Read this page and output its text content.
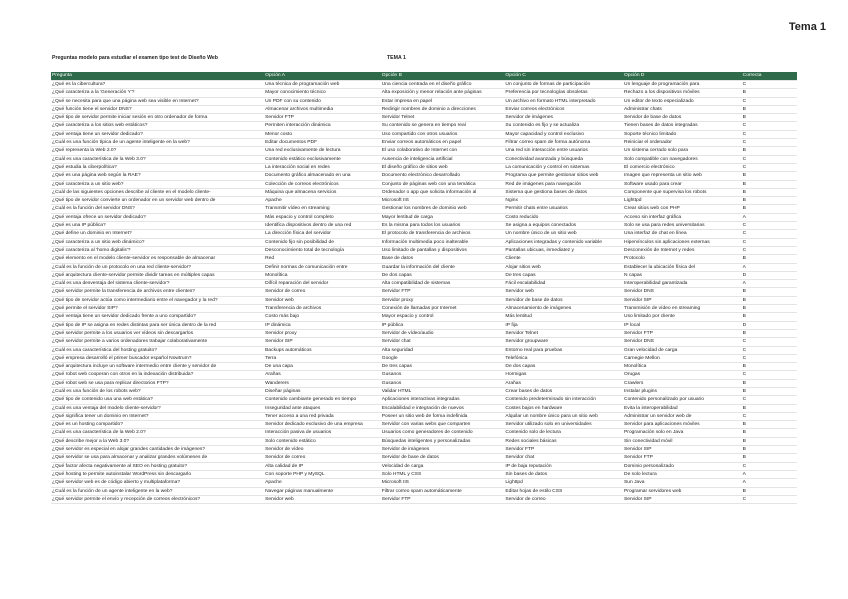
Tema 1
Preguntas modelo para estudiar el examen tipo test de Diseño Web	TEMA 1
Pregunta	Opción A	Opción B	Opción C	Opción D	Correcta
¿Qué es la cibercultura?	Una técnica de programación web	Una ciencia centrada en el diseño gráfico	Un conjunto de formas de participación	Un lenguaje de programación para	C
¿Qué caracteriza a la 'Generación Y'?	Mayor conocimiento técnico	Alta exposición y menor relación ante páginas	Preferencia por tecnologías obsoletas	Rechazo a los dispositivos móviles	B
¿Qué se necesita para que una página web sea visible en Internet?	Un PDF con su contenido	Estar impresa en papel	Un archivo en formato HTML interpretado	Un editor de texto especializado	C
¿Qué función tiene el servidor DNS?	Almacenar archivos multimedia	Redirigir nombres de dominio a direcciones	Enviar correos electrónicos	Administrar chats	B
¿Qué tipo de servidor permite iniciar sesión en otro ordenador de forma	Servidor FTP	Servidor Telnet	Servidor de imágenes	Servidor de base de datos	B
¿Qué caracteriza a los sitios web estáticos?	Permiten interacción dinámica	Su contenido se genera en tiempo real	Su contenido es fijo y se actualiza	Tienen bases de datos integradas	C
¿Qué ventaja tiene un servidor dedicado?	Menor costo	Uso compartido con otros usuarios	Mayor capacidad y control exclusivo	Soporte técnico limitado	C
¿Cuál es una función típica de un agente inteligente en la web?	Editar documentos PDF	Enviar correos automáticos en papel	Filtrar correo spam de forma autónoma	Reiniciar el ordenador	C
¿Qué representa la Web 2.0?	Una red exclusivamente de lectura	El uso colaborativo de Internet con	Una red sin interacción entre usuarios	Un sistema cerrado solo para	B
¿Cuál es una característica de la Web 3.0?	Contenido estático exclusivamente	Ausencia de inteligencia artificial	Conectividad avanzada y búsqueda	Solo compatible con navegadores	C
¿Qué estudia la ciberpolítica?	La interacción social en redes	El diseño gráfico de sitios web	La comunicación y control en sistemas	El comercio electrónico	C
¿Qué es una página web según la RAE?	Documento gráfico almacenado en una	Documento electrónico desarrollado	Programa que permite gestionar sitios web	Imagen que representa un sitio web	B
¿Qué caracteriza a un sitio web?	Colección de correos electrónicos	Conjunto de páginas web con una temática	Red de imágenes para navegación	Software usado para crear	B
¿Cuál de las siguientes opciones describe al cliente en el modelo cliente-	Máquina que almacena servicios	Ordenador o app que solicita información al	Sistema que gestiona bases de datos	Componente que supervisa los robots	B
¿Qué tipo de servidor convierte un ordenador en un servidor web dentro de	Apache	Microsoft IIS	Nginx	Lighttpd	B
¿Cuál es la función del servidor DNS?	Transmitir vídeo en streaming	Gestionar los nombres de dominio web	Permitir chats entre usuarios	Crear sitios web con PHP	B
¿Qué ventaja ofrece un servidor dedicado?	Más espacio y control completo	Mayor lentitud de carga	Costo reducido	Acceso sin interfaz gráfica	A
¿Qué es una IP pública?	Identifica dispositivos dentro de una red	Es la misma para todos los usuarios	Se asigna a equipos conectados	Solo se usa para redes universitarias	C
¿Qué define un dominio en Internet?	La dirección física del servidor	El protocolo de transferencia de archivos	Un nombre único de un sitio web	Una interfaz de chat en línea	C
¿Qué caracteriza a un sitio web dinámico?	Contenido fijo sin posibilidad de	Información multimedia poco inalterable	Aplicaciones integradas y contenido variable	Hipervínculos sin aplicaciones externas	C
¿Qué caracteriza al 'homo digitalis'?	Desconocimiento total de tecnología	Uso limitado de pantallas y dispositivos	Pantallas ubicuas, inmediatez y	Desconexión de Internet y redes	C
¿Qué elemento en el modelo cliente-servidor es responsable de almacenar	Red	Base de datos	Cliente	Protocolo	B
¿Cuál es la función de un protocolo en una red cliente-servidor?	Definir normas de comunicación entre	Guardar la información del cliente	Alojar sitios web	Establecer la ubicación física del	A
¿Qué arquitectura cliente-servidor permite dividir tareas en múltiples capas	Monolítica	De dos capas	De tres capas	N capas	D
¿Cuál es una desventaja del sistema cliente-servidor?	Difícil reparación del servidor	Alta compatibilidad de sistemas	Fácil escalabilidad	Interoperabilidad garantizada	A
¿Qué servidor permite la transferencia de archivos entre clientes?	Servidor de correo	Servidor FTP	Servidor web	Servidor DNS	B
¿Qué tipo de servidor actúa como intermediario entre el navegador y la red?	Servidor web	Servidor proxy	Servidor de base de datos	Servidor SIP	B
¿Qué permite el servidor SIP?	Transferencia de archivos	Conexión de llamadas por Internet	Almacenamiento de imágenes	Transmisión de vídeo en streaming	B
¿Qué ventaja tiene un servidor dedicado frente a uno compartido?	Costo más bajo	Mayor espacio y control	Más lentitud	Uso limitado por cliente	B
¿Qué tipo de IP se asigna en redes distintas para ser única dentro de la red	IP dinámica	IP pública	IP fija	IP local	D
¿Qué servidor permite a los usuarios ver vídeos sin descargarlos	Servidor proxy	Servidor de vídeo/audio	Servidor Telnet	Servidor FTP	B
¿Qué servidor permite a varios ordenadores trabajar colaborativamente	Servidor SIP	Servidor chat	Servidor groupware	Servidor DNS	C
¿Cuál es una característica del hosting gratuito?	Backups automáticos	Alta seguridad	Entorno real para pruebas	Gran velocidad de carga	C
¿Qué empresa desarrolló el primer buscador español Nowtrum?	Terra	Google	Telefónica	Carnegie Mellon	C
¿Qué arquitectura incluye un software intermedio entre cliente y servidor de	De una capa	De tres capas	De dos capas	Monolítica	B
¿Qué robot web cooperan con otros en la indexación distribuida?	Arañas	Gusanos	Hormigas	Orugas	C
¿Qué robot web se usa para replicar directorios FTP?	Wanderers	Gusanos	Arañas	Crawlers	B
¿Cuál es una función de los robots web?	Diseñar páginas	Validar HTML	Crear bases de datos	Instalar plugins	B
¿Qué tipo de contenido usa una web estática?	Contenido cambiante generado en tiempo	Aplicaciones interactivas integradas	Contenido predeterminado sin interacción	Contenido personalizado por usuario	C
¿Cuál es una ventaja del modelo cliente-servidor?	Inseguridad ante ataques	Escalabilidad e integración de nuevos	Costes bajos en hardware	Evita la interoperabilidad	B
¿Qué significa tener un dominio en Internet?	Tener acceso a una red privada	Poseer un sitio web de forma indefinida	Alquilar un nombre único para un sitio web	Administrar un servidor web de	C
¿Qué es un hosting compartido?	Servidor dedicado exclusivo de una empresa	Servidor con varias webs que comparten	Servidor utilizado solo en universidades	Servidor para aplicaciones móviles	B
¿Cuál es una característica de la Web 2.0?	Interacción pasiva de usuarios	Usuarios como generadores de contenido	Contenido solo de lectura	Programación solo en Java	B
¿Qué describe mejor a la Web 3.0?	Solo contenido estático	Búsquedas inteligentes y personalizadas	Redes sociales básicas	Sin conectividad móvil	B
¿Qué servidor es especial en alojar grandes cantidades de imágenes?	Servidor de vídeo	Servidor de imágenes	Servidor FTP	Servidor SIP	B
¿Qué servidor se usa para almacenar y analizar grandes volúmenes de	Servidor de correo	Servidor de base de datos	Servidor chat	Servidor FTP	B
¿Qué factor afecta negativamente al SEO en hosting gratuito?	Alta calidad de IP	Velocidad de carga	IP de baja reputación	Dominio personalizado	C
¿Qué hosting te permite autoinstalar WordPress sin descargarlo	Con soporte PHP y MySQL	Solo HTML y CSS	Sin bases de datos	De solo lectura	A
¿Qué servidor web es de código abierto y multiplataforma?	Apache	Microsoft IIS	Lighttpd	Sun Java	A
¿Cuál es la función de un agente inteligente en la web?	Navegar páginas manualmente	Filtrar correo spam automáticamente	Editar hojas de estilo CSS	Programar servidores web	B
¿Qué servidor permite el envío y recepción de correos electrónicos?	Servidor web	Servidor FTP	Servidor de correo	Servidor SIP	C
